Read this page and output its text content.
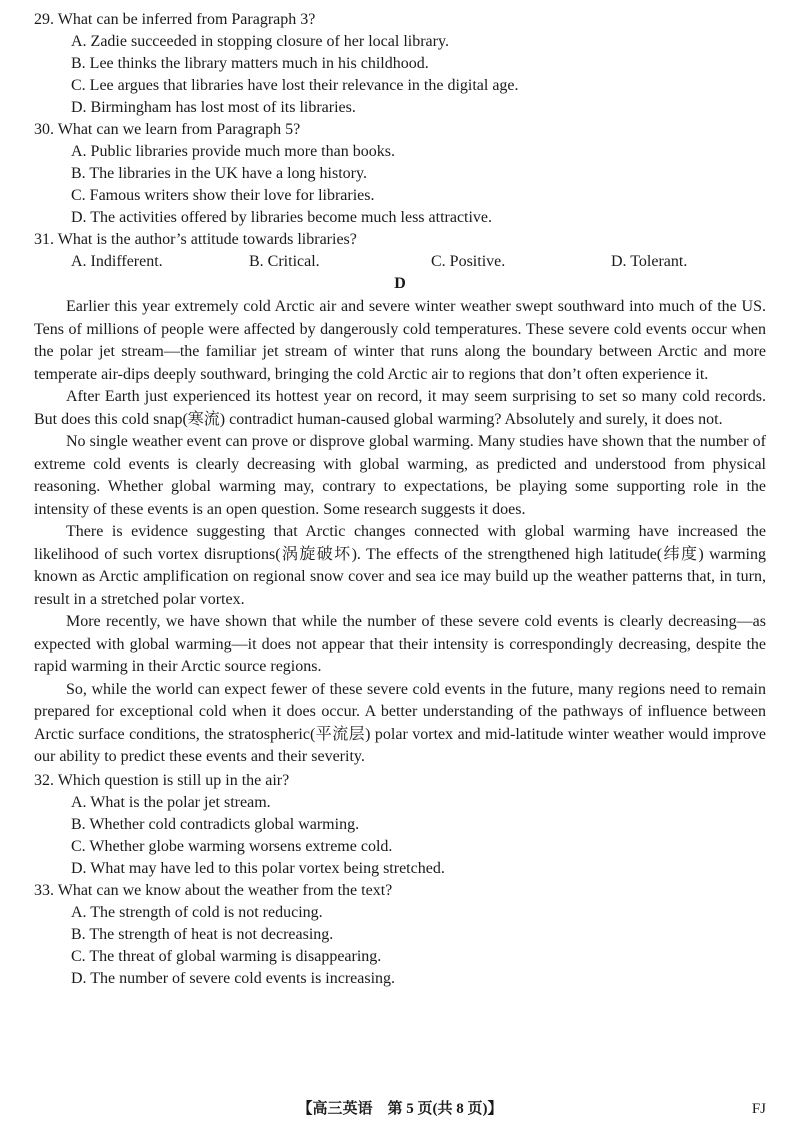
29. What can be inferred from Paragraph 3?
A. Zadie succeeded in stopping closure of her local library.
B. Lee thinks the library matters much in his childhood.
C. Lee argues that libraries have lost their relevance in the digital age.
D. Birmingham has lost most of its libraries.
30. What can we learn from Paragraph 5?
A. Public libraries provide much more than books.
B. The libraries in the UK have a long history.
C. Famous writers show their love for libraries.
D. The activities offered by libraries become much less attractive.
31. What is the author’s attitude towards libraries?
A. Indifferent.	B. Critical.	C. Positive.	D. Tolerant.
D
Earlier this year extremely cold Arctic air and severe winter weather swept southward into much of the US. Tens of millions of people were affected by dangerously cold temperatures. These severe cold events occur when the polar jet stream—the familiar jet stream of winter that runs along the boundary between Arctic and more temperate air-dips deeply southward, bringing the cold Arctic air to regions that don’t often experience it.
After Earth just experienced its hottest year on record, it may seem surprising to set so many cold records. But does this cold snap(寒流) contradict human-caused global warming? Absolutely and surely, it does not.
No single weather event can prove or disprove global warming. Many studies have shown that the number of extreme cold events is clearly decreasing with global warming, as predicted and understood from physical reasoning. Whether global warming may, contrary to expectations, be playing some supporting role in the intensity of these events is an open question. Some research suggests it does.
There is evidence suggesting that Arctic changes connected with global warming have increased the likelihood of such vortex disruptions(涡旋破坏). The effects of the strengthened high latitude(纬度) warming known as Arctic amplification on regional snow cover and sea ice may build up the weather patterns that, in turn, result in a stretched polar vortex.
More recently, we have shown that while the number of these severe cold events is clearly decreasing—as expected with global warming—it does not appear that their intensity is correspondingly decreasing, despite the rapid warming in their Arctic source regions.
So, while the world can expect fewer of these severe cold events in the future, many regions need to remain prepared for exceptional cold when it does occur. A better understanding of the pathways of influence between Arctic surface conditions, the stratospheric(平流层) polar vortex and mid-latitude winter weather would improve our ability to predict these events and their severity.
32. Which question is still up in the air?
A. What is the polar jet stream.
B. Whether cold contradicts global warming.
C. Whether globe warming worsens extreme cold.
D. What may have led to this polar vortex being stretched.
33. What can we know about the weather from the text?
A. The strength of cold is not reducing.
B. The strength of heat is not decreasing.
C. The threat of global warming is disappearing.
D. The number of severe cold events is increasing.
【高三英语　第 5 页(共 8 页)】	FJ
